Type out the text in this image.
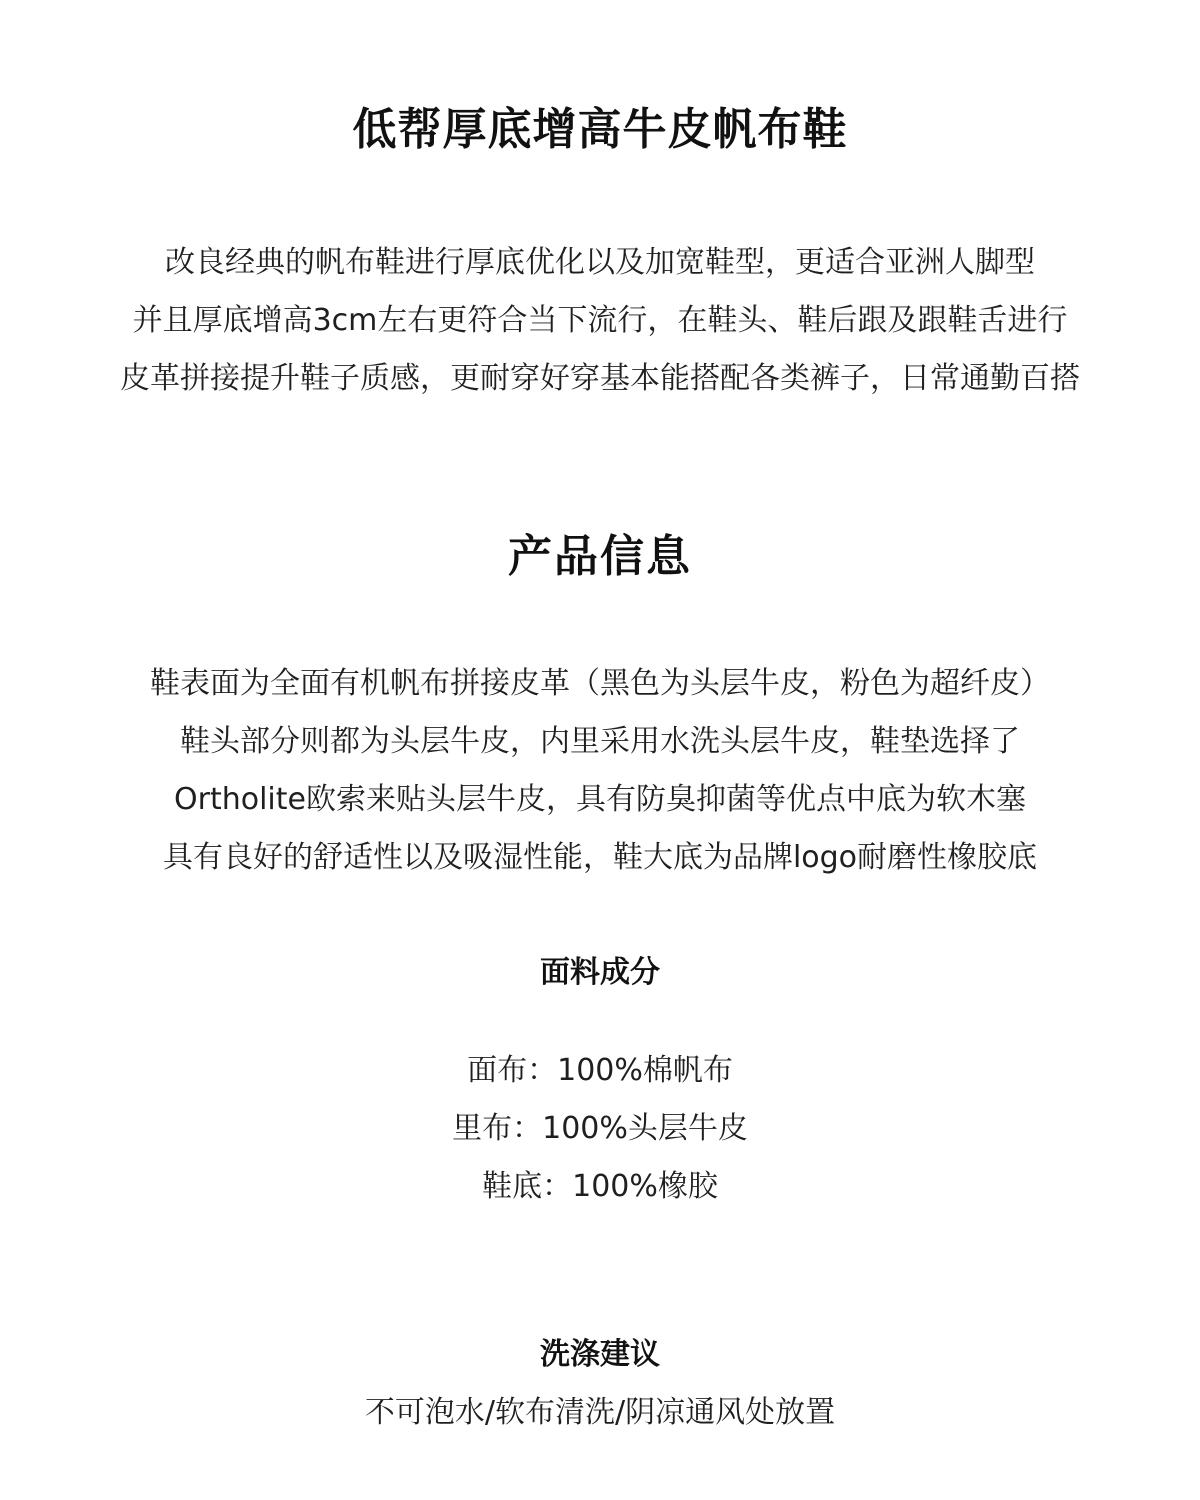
低帮厚底增高牛皮帆布鞋
改良经典的帆布鞋进行厚底优化以及加宽鞋型，更适合亚洲人脚型
并且厚底增高3cm左右更符合当下流行，在鞋头、鞋后跟及跟鞋舌进行
皮革拼接提升鞋子质感，更耐穿好穿基本能搭配各类裤子，日常通勤百搭
产品信息
鞋表面为全面有机帆布拼接皮革（黑色为头层牛皮，粉色为超纤皮）
鞋头部分则都为头层牛皮，内里采用水洗头层牛皮，鞋垫选择了
Ortholite欧索来贴头层牛皮，具有防臭抑菌等优点中底为软木塞
具有良好的舒适性以及吸湿性能，鞋大底为品牌logo耐磨性橡胶底
面料成分
面布：100%棉帆布
里布：100%头层牛皮
鞋底：100%橡胶
洗涤建议
不可泡水/软布清洗/阴凉通风处放置
